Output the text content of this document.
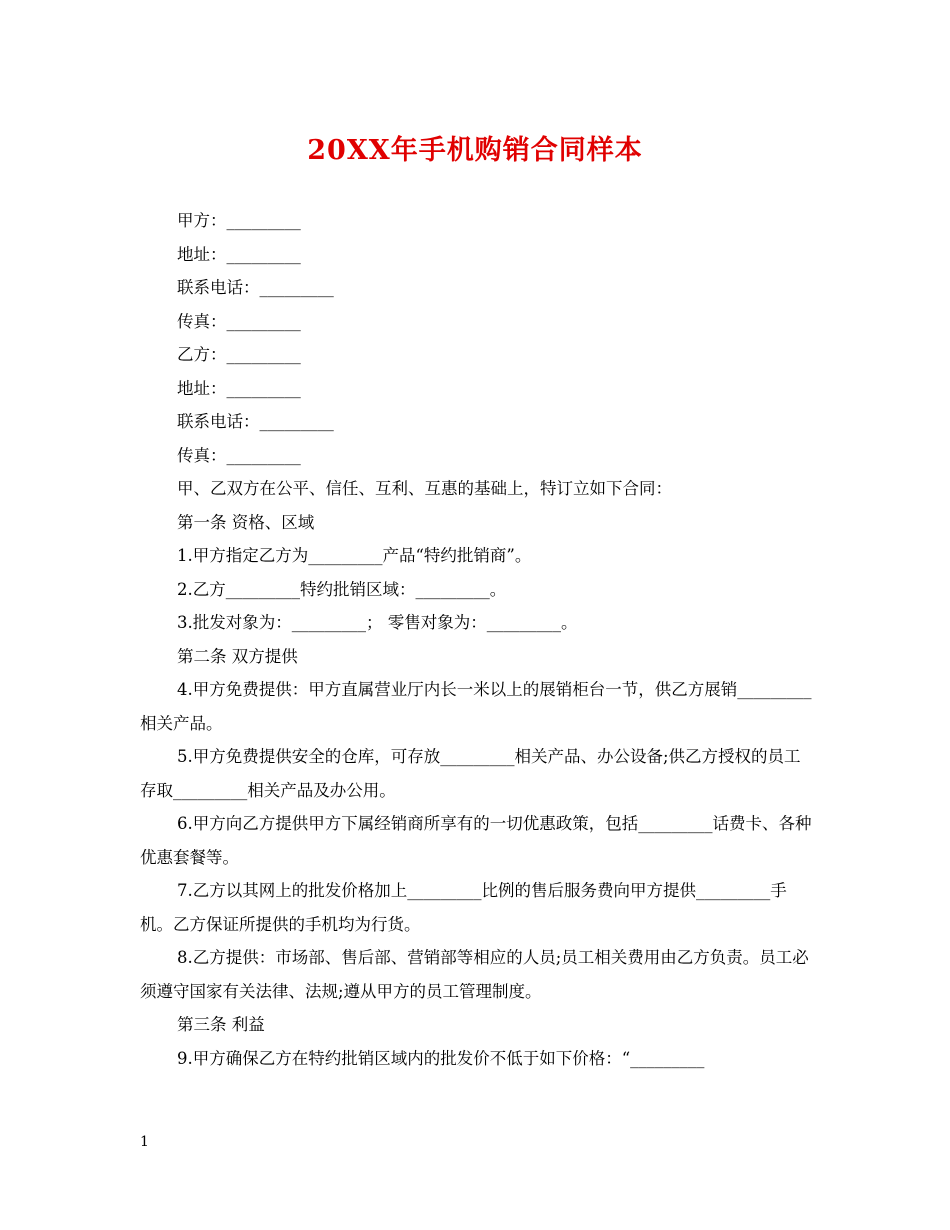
20XX年手机购销合同样本

甲方：_________

地址：_________

联系电话：_________

传真：_________

乙方：_________

地址：_________

联系电话：_________

传真：_________

甲、乙双方在公平、信任、互利、互惠的基础上，特订立如下合同：

第一条 资格、区域

1.甲方指定乙方为_________产品“特约批销商”。

2.乙方_________特约批销区域：_________。

3.批发对象为：_________； 零售对象为：_________。

第二条 双方提供

4.甲方免费提供：甲方直属营业厅内长一米以上的展销柜台一节，供乙方展销_________相关产品。

5.甲方免费提供安全的仓库，可存放_________相关产品、办公设备;供乙方授权的员工存取_________相关产品及办公用。

6.甲方向乙方提供甲方下属经销商所享有的一切优惠政策，包括_________话费卡、各种优惠套餐等。

7.乙方以其网上的批发价格加上_________比例的售后服务费向甲方提供_________手机。乙方保证所提供的手机均为行货。

8.乙方提供：市场部、售后部、营销部等相应的人员;员工相关费用由乙方负责。员工必须遵守国家有关法律、法规;遵从甲方的员工管理制度。

第三条 利益

9.甲方确保乙方在特约批销区域内的批发价不低于如下价格：“_________

1
